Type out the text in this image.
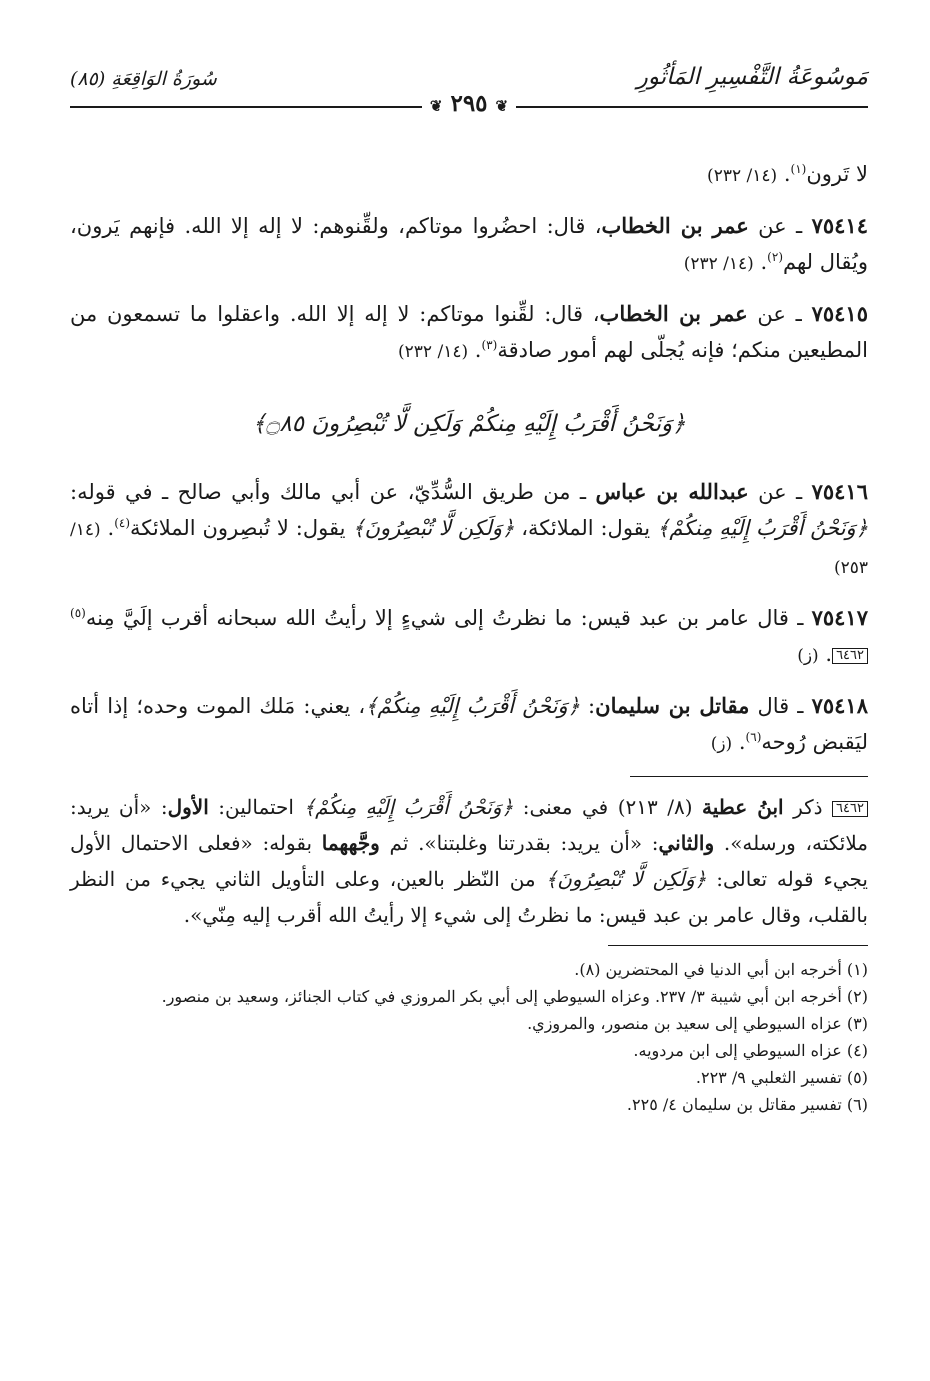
مَوسُوعَةُ التَّفْسِيرِ المَأثُورِ
سُورَةُ الوَاقِعَةِ (٨٥)
❦ ٢٩٥ ❦

لا تَرون$^{(١)}$. (١٤/ ٢٣٢)

٧٥٤١٤ ـ عن عمر بن الخطاب، قال: احضُروا موتاكم، ولقِّنوهم: لا إله إلا الله. فإنهم يَرون، ويُقال لهم$^{(٢)}$. (١٤/ ٢٣٢)

٧٥٤١٥ ـ عن عمر بن الخطاب، قال: لقِّنوا موتاكم: لا إله إلا الله. واعقلوا ما تسمعون من المطيعين منكم؛ فإنه يُجلّى لهم أمور صادقة$^{(٣)}$. (١٤/ ٢٣٢)

﴿وَنَحْنُ أَقْرَبُ إِلَيْهِ مِنكُمْ وَلَكِن لَّا تُبْصِرُونَ ۝٨٥﴾

٧٥٤١٦ ـ عن عبدالله بن عباس ـ من طريق السُّدِّيّ، عن أبي مالك وأبي صالح ـ في قوله: ﴿وَنَحْنُ أَقْرَبُ إِلَيْهِ مِنكُمْ﴾ يقول: الملائكة، ﴿وَلَكِن لَّا تُبْصِرُونَ﴾ يقول: لا تُبصِرون الملائكة$^{(٤)}$. (١٤/ ٢٥٣)

٧٥٤١٧ ـ قال عامر بن عبد قيس: ما نظرتُ إلى شيءٍ إلا رأيتُ الله سبحانه أقرب إلَيَّ مِنه$^{(٥)}$٦٤٦٢. (ز)

٧٥٤١٨ ـ قال مقاتل بن سليمان: ﴿وَنَحْنُ أَقْرَبُ إِلَيْهِ مِنكُمْ﴾، يعني: مَلك الموت وحده؛ إذا أتاه ليَقبض رُوحه$^{(٦)}$. (ز)

٦٤٦٢ ذكر ابنُ عطية (٨/ ٢١٣) في معنى: ﴿وَنَحْنُ أَقْرَبُ إِلَيْهِ مِنكُمْ﴾ احتمالين: الأول: «أن يريد: ملائكته، ورسله». والثاني: «أن يريد: بقدرتنا وغلبتنا». ثم وجَّههما بقوله: «فعلى الاحتمال الأول يجيء قوله تعالى: ﴿وَلَكِن لَّا تُبْصِرُونَ﴾ من النّظر بالعين، وعلى التأويل الثاني يجيء من النظر بالقلب، وقال عامر بن عبد قيس: ما نظرتُ إلى شيء إلا رأيتُ الله أقرب إليه مِنّي».

(١) أخرجه ابن أبي الدنيا في المحتضرين (٨).

(٢) أخرجه ابن أبي شيبة ٣/ ٢٣٧. وعزاه السيوطي إلى أبي بكر المروزي في كتاب الجنائز، وسعيد بن منصور.

(٣) عزاه السيوطي إلى سعيد بن منصور، والمروزي.

(٤) عزاه السيوطي إلى ابن مردويه.

(٥) تفسير الثعلبي ٩/ ٢٢٣.

(٦) تفسير مقاتل بن سليمان ٤/ ٢٢٥.
